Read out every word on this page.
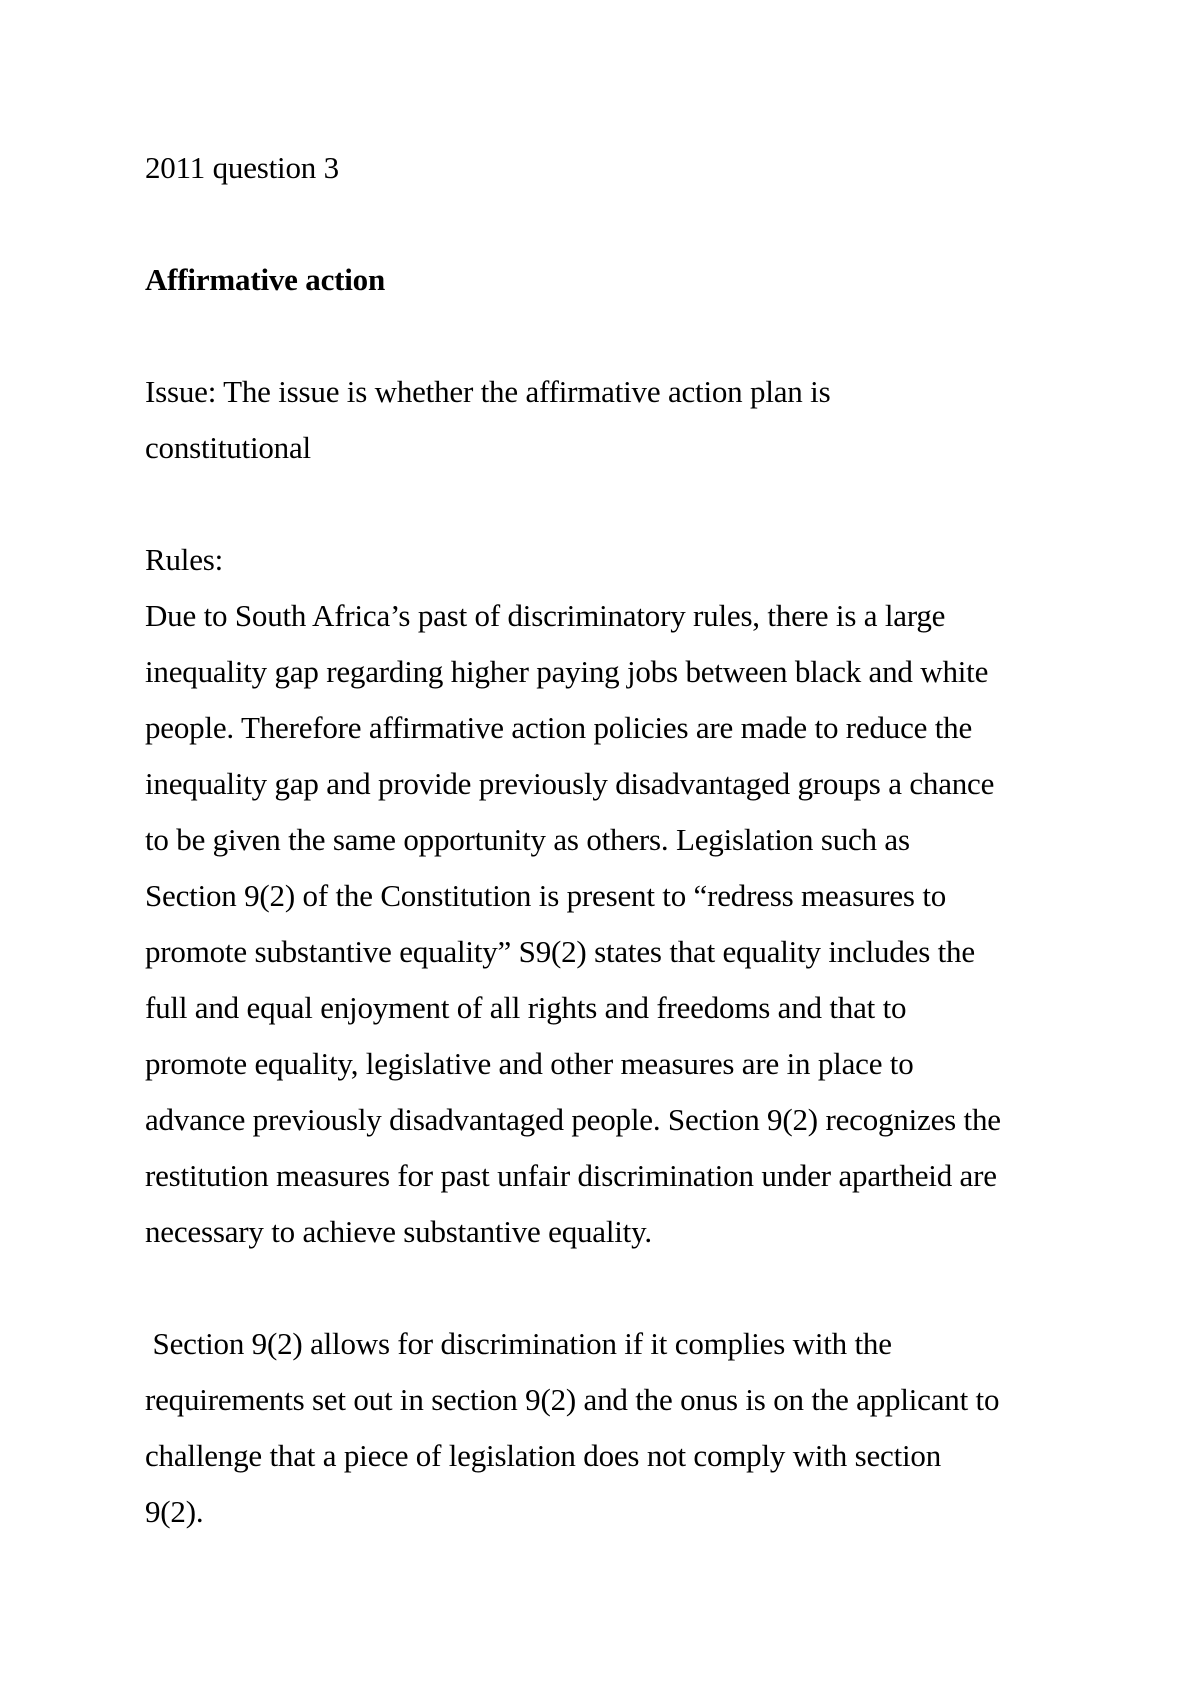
2011 question 3
Affirmative action
Issue: The issue is whether the affirmative action plan is
constitutional
Rules:
Due to South Africa’s past of discriminatory rules, there is a large
inequality gap regarding higher paying jobs between black and white
people. Therefore affirmative action policies are made to reduce the
inequality gap and provide previously disadvantaged groups a chance
to be given the same opportunity as others. Legislation such as
Section 9(2) of the Constitution is present to “redress measures to
promote substantive equality” S9(2) states that equality includes the
full and equal enjoyment of all rights and freedoms and that to
promote equality, legislative and other measures are in place to
advance previously disadvantaged people. Section 9(2) recognizes the
restitution measures for past unfair discrimination under apartheid are
necessary to achieve substantive equality.
Section 9(2) allows for discrimination if it complies with the
requirements set out in section 9(2) and the onus is on the applicant to
challenge that a piece of legislation does not comply with section
9(2).
